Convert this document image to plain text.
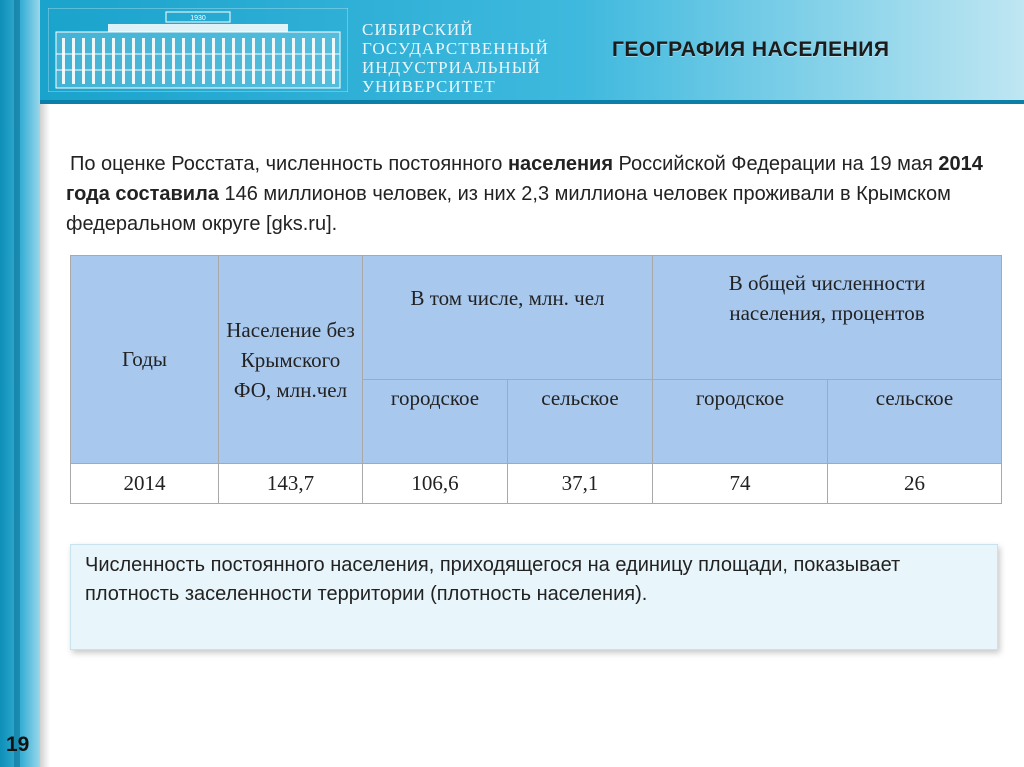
1930
СИБИРСКИЙ
ГОСУДАРСТВЕННЫЙ
ИНДУСТРИАЛЬНЫЙ
УНИВЕРСИТЕТ
ГЕОГРАФИЯ НАСЕЛЕНИЯ
По оценке Росстата, численность постоянного населения Российской Федерации на 19 мая 2014 года составила 146 миллионов человек, из них 2,3 миллиона человек проживали в Крымском федеральном округе [gks.ru].
Годы	Население без Крымского ФО, млн.чел	В том числе, млн. чел		В общей численности населения, процентов	
		городское	сельское	городское	сельское
2014	143,7	106,6	37,1	74	26
Численность постоянного населения, приходящегося на единицу площади, показывает плотность заселенности территории (плотность населения).
19
